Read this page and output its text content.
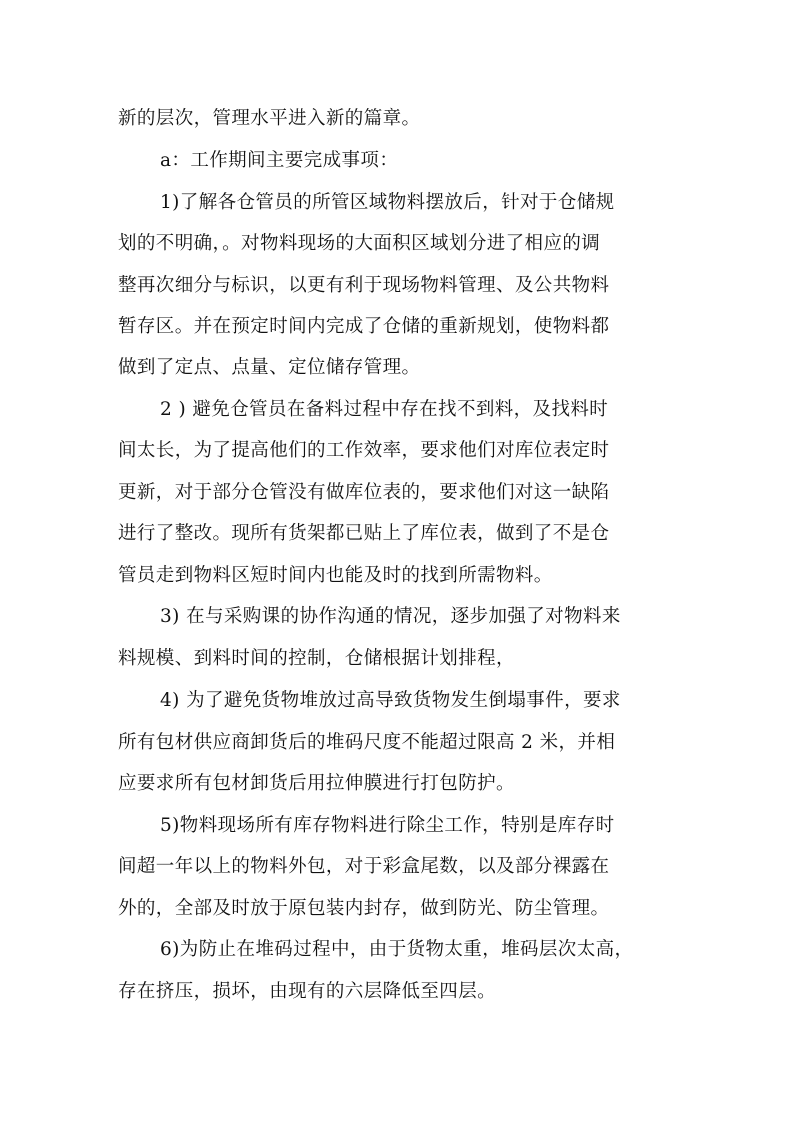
新的层次，管理水平进入新的篇章。
a：工作期间主要完成事项：
1)了解各仓管员的所管区域物料摆放后，针对于仓储规
划的不明确，。对物料现场的大面积区域划分进了相应的调
整再次细分与标识，以更有利于现场物料管理、及公共物料
暂存区。并在预定时间内完成了仓储的重新规划，使物料都
做到了定点、点量、定位储存管理。
2 ) 避免仓管员在备料过程中存在找不到料，及找料时
间太长，为了提高他们的工作效率，要求他们对库位表定时
更新，对于部分仓管没有做库位表的，要求他们对这一缺陷
进行了整改。现所有货架都已贴上了库位表，做到了不是仓
管员走到物料区短时间内也能及时的找到所需物料。
3) 在与采购课的协作沟通的情况，逐步加强了对物料来
料规模、到料时间的控制，仓储根据计划排程，
4) 为了避免货物堆放过高导致货物发生倒塌事件，要求
所有包材供应商卸货后的堆码尺度不能超过限高 2 米，并相
应要求所有包材卸货后用拉伸膜进行打包防护。
5)物料现场所有库存物料进行除尘工作，特别是库存时
间超一年以上的物料外包，对于彩盒尾数，以及部分裸露在
外的，全部及时放于原包装内封存，做到防光、防尘管理。
6)为防止在堆码过程中，由于货物太重，堆码层次太高，
存在挤压，损坏，由现有的六层降低至四层。
